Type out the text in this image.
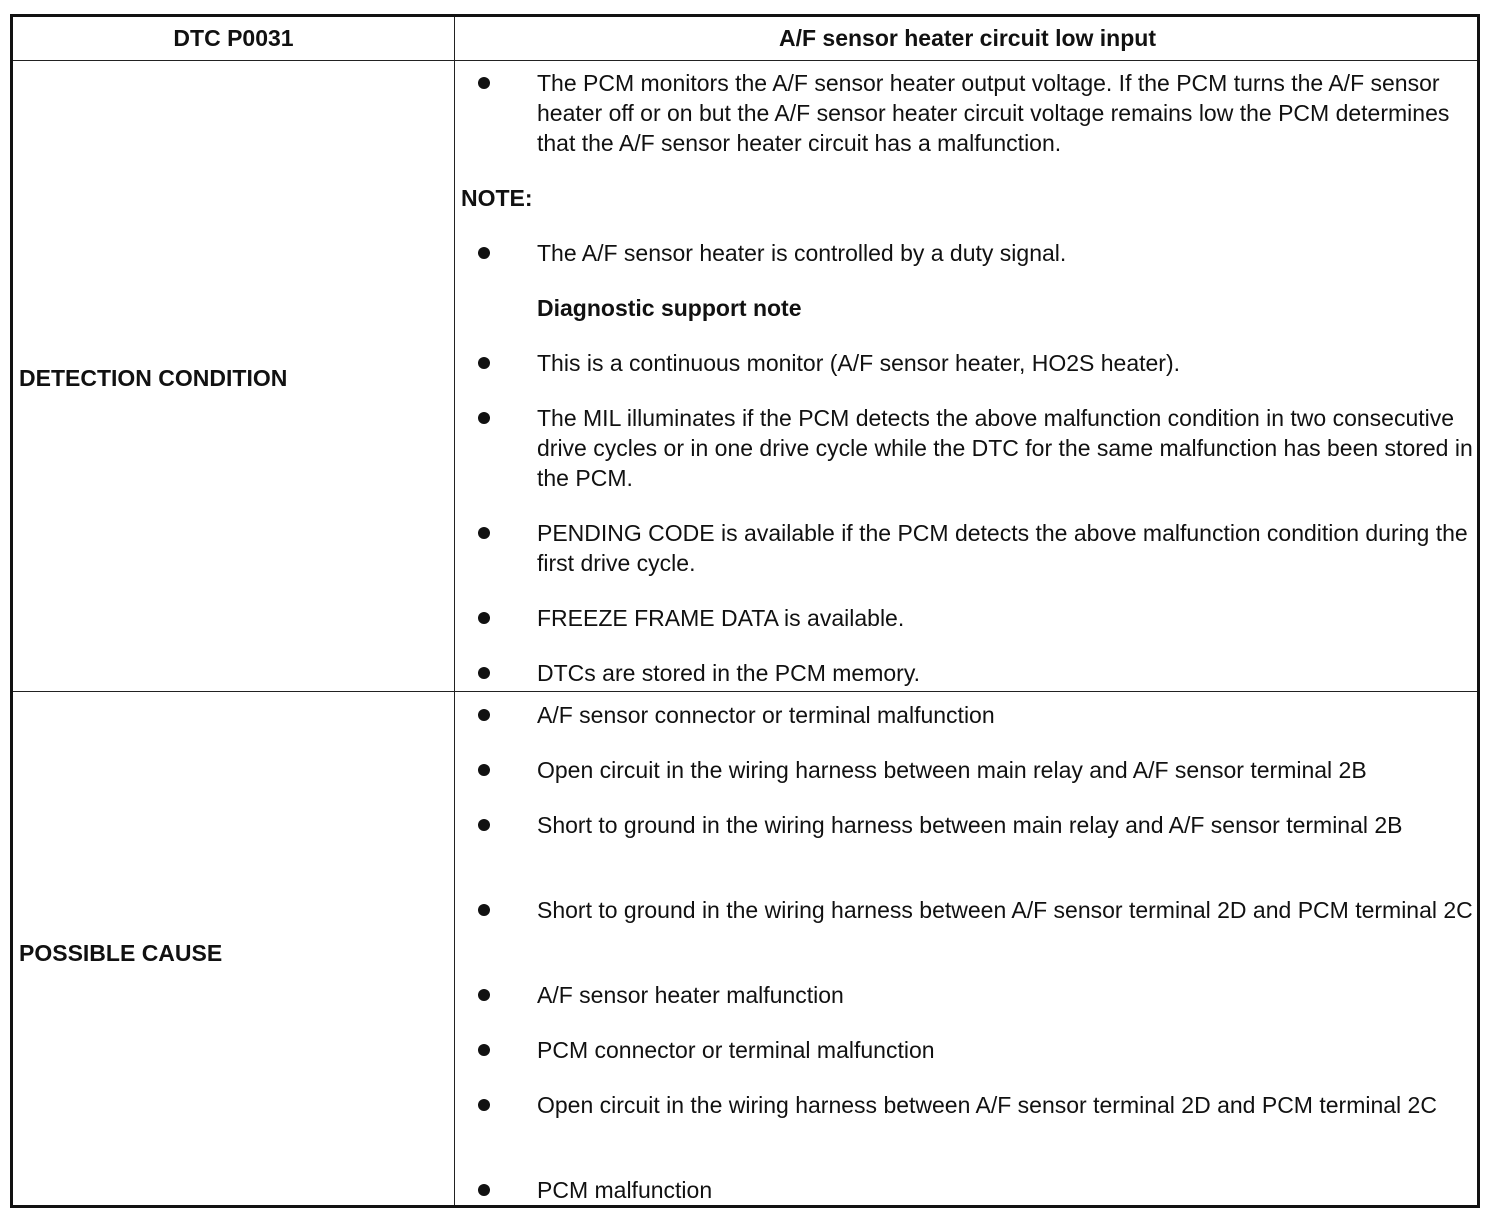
DTC P0031	A/F sensor heater circuit low input
DETECTION CONDITION
The PCM monitors the A/F sensor heater output voltage. If the PCM turns the A/F sensor heater off or on but the A/F sensor heater circuit voltage remains low the PCM determines that the A/F sensor heater circuit has a malfunction.
NOTE:
The A/F sensor heater is controlled by a duty signal.
Diagnostic support note
This is a continuous monitor (A/F sensor heater, HO2S heater).
The MIL illuminates if the PCM detects the above malfunction condition in two consecutive drive cycles or in one drive cycle while the DTC for the same malfunction has been stored in the PCM.
PENDING CODE is available if the PCM detects the above malfunction condition during the first drive cycle.
FREEZE FRAME DATA is available.
DTCs are stored in the PCM memory.
POSSIBLE CAUSE
A/F sensor connector or terminal malfunction
Open circuit in the wiring harness between main relay and A/F sensor terminal 2B
Short to ground in the wiring harness between main relay and A/F sensor terminal 2B
Short to ground in the wiring harness between A/F sensor terminal 2D and PCM terminal 2C
A/F sensor heater malfunction
PCM connector or terminal malfunction
Open circuit in the wiring harness between A/F sensor terminal 2D and PCM terminal 2C
PCM malfunction
